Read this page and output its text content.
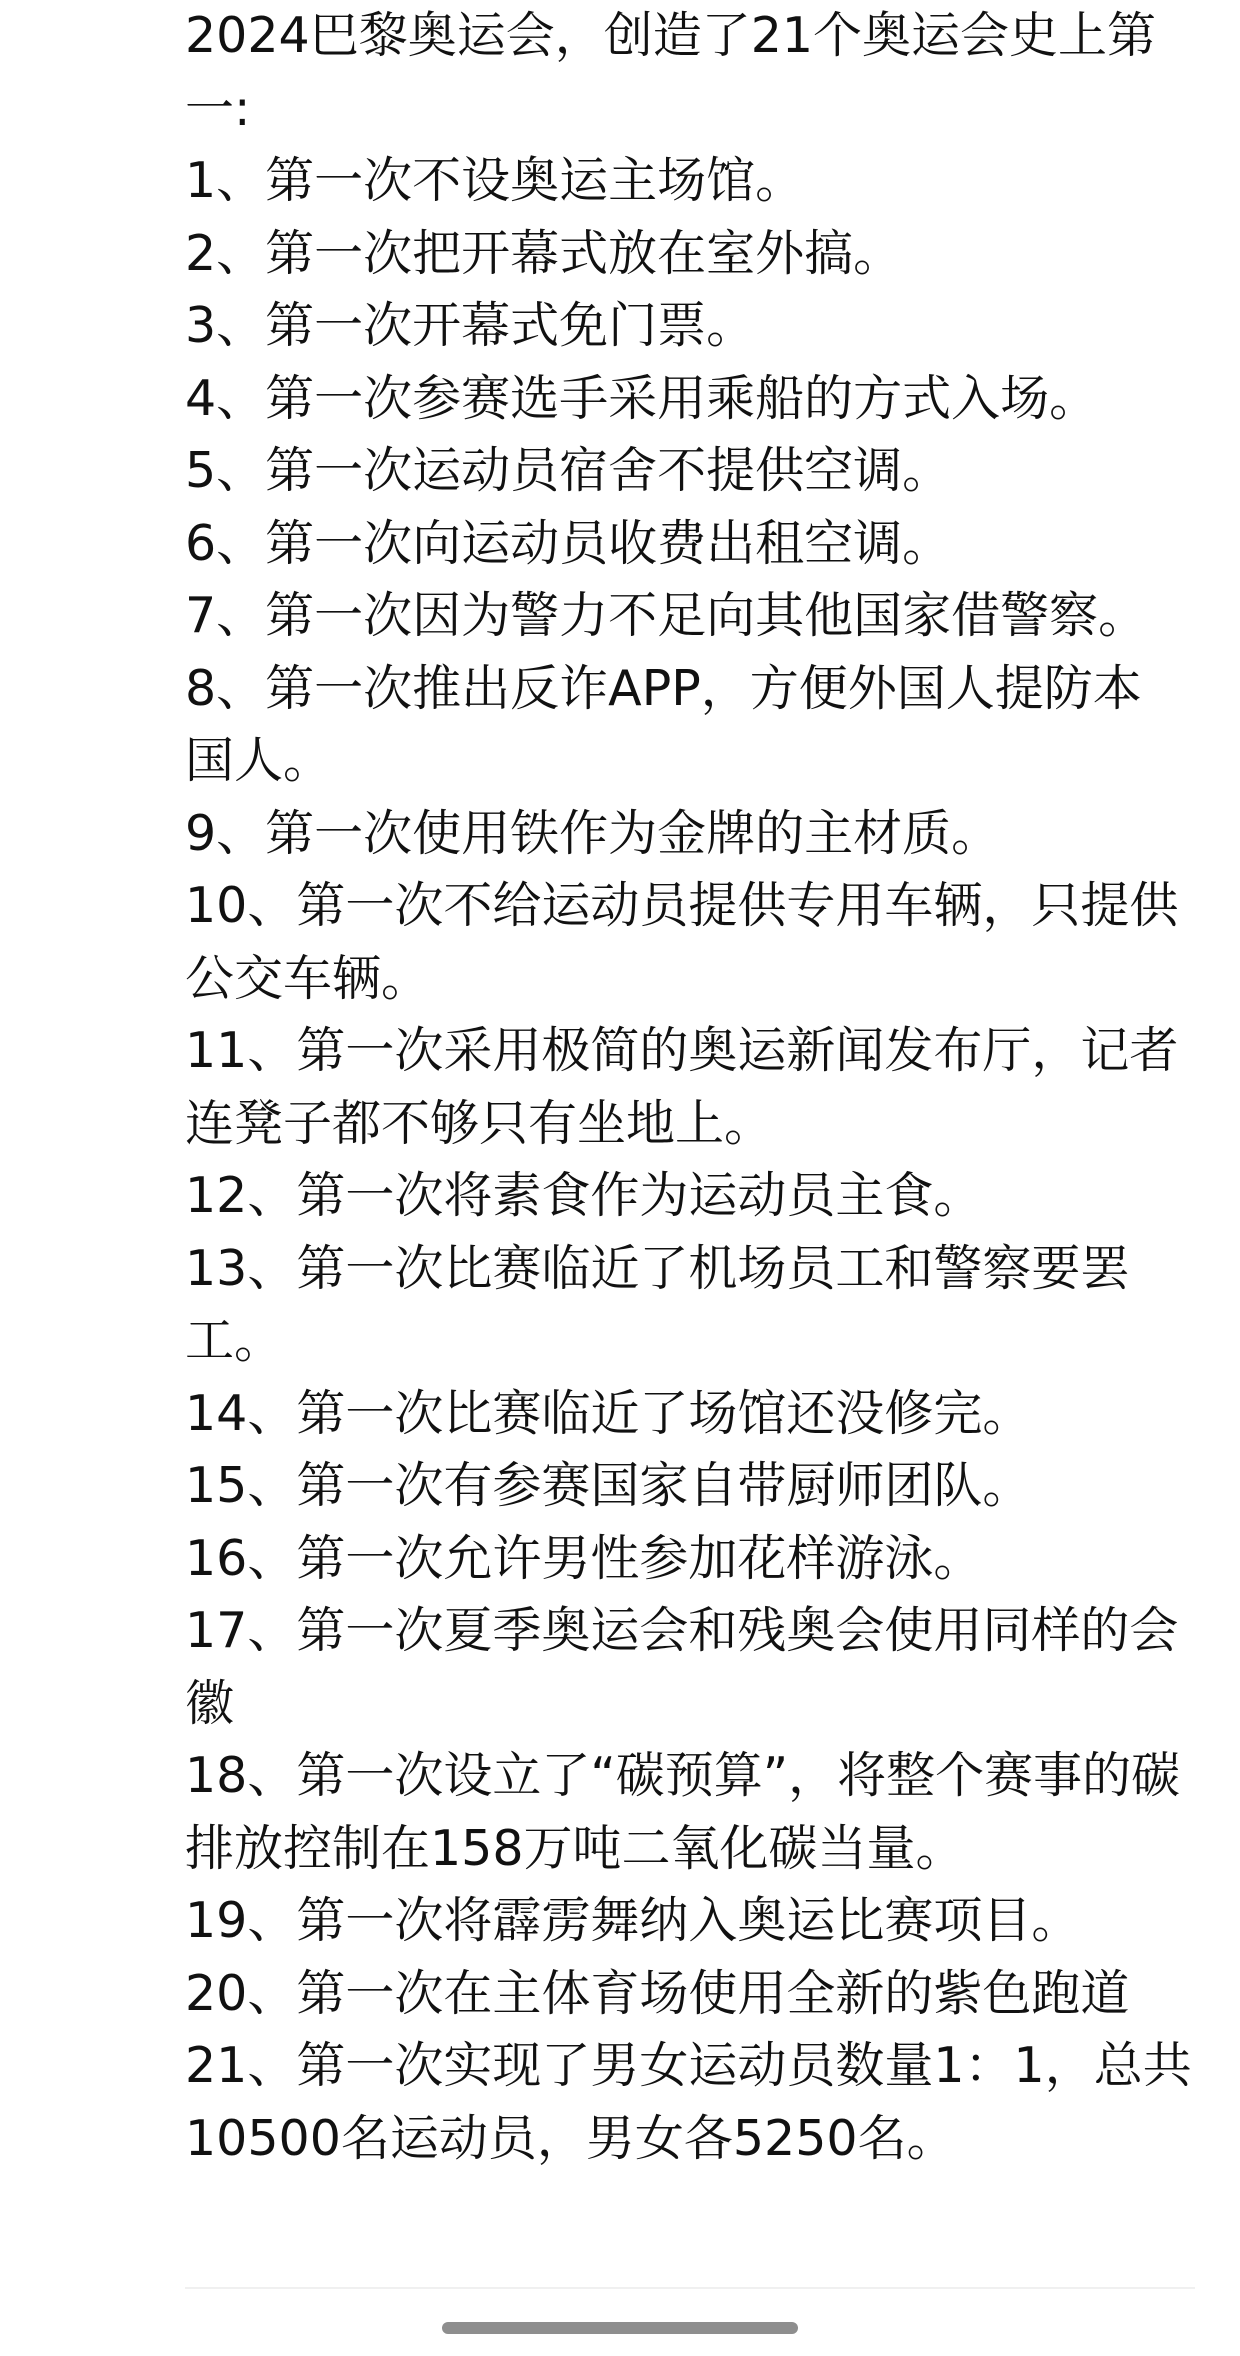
2024巴黎奥运会，创造了21个奥运会史上第
一:
1、第一次不设奥运主场馆。
2、第一次把开幕式放在室外搞。
3、第一次开幕式免门票。
4、第一次参赛选手采用乘船的方式入场。
5、第一次运动员宿舍不提供空调。
6、第一次向运动员收费出租空调。
7、第一次因为警力不足向其他国家借警察。
8、第一次推出反诈APP，方便外国人提防本
国人。
9、第一次使用铁作为金牌的主材质。
10、第一次不给运动员提供专用车辆，只提供
公交车辆。
11、第一次采用极简的奥运新闻发布厅，记者
连凳子都不够只有坐地上。
12、第一次将素食作为运动员主食。
13、第一次比赛临近了机场员工和警察要罢
工。
14、第一次比赛临近了场馆还没修完。
15、第一次有参赛国家自带厨师团队。
16、第一次允许男性参加花样游泳。
17、第一次夏季奥运会和残奥会使用同样的会
徽
18、第一次设立了“碳预算”，将整个赛事的碳
排放控制在158万吨二氧化碳当量。
19、第一次将霹雳舞纳入奥运比赛项目。
20、第一次在主体育场使用全新的紫色跑道
21、第一次实现了男女运动员数量1：1，总共
10500名运动员，男女各5250名。
